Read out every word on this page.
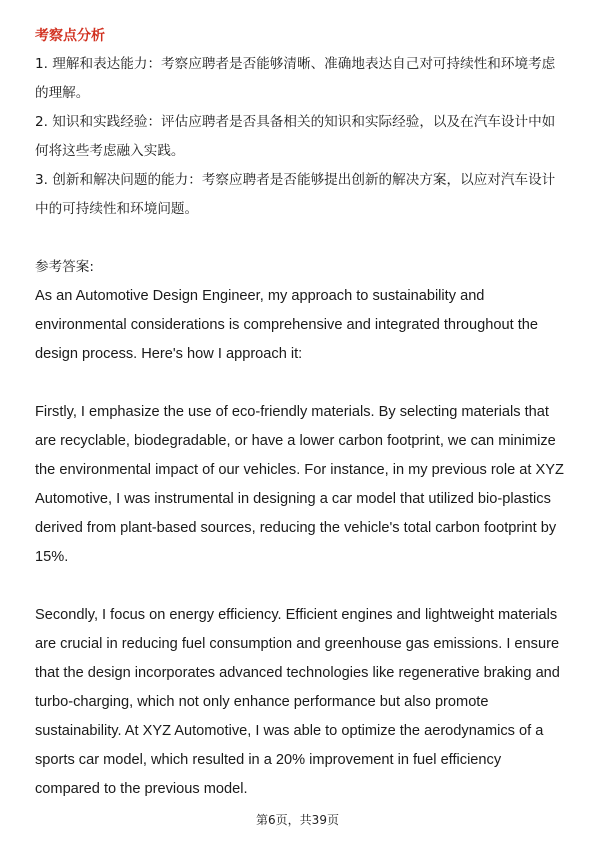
考察点分析

1. 理解和表达能力：考察应聘者是否能够清晰、准确地表达自己对可持续性和环境考虑的理解。

2. 知识和实践经验：评估应聘者是否具备相关的知识和实际经验，以及在汽车设计中如何将这些考虑融入实践。

3. 创新和解决问题的能力：考察应聘者是否能够提出创新的解决方案，以应对汽车设计中的可持续性和环境问题。

参考答案:

As an Automotive Design Engineer, my approach to sustainability and environmental considerations is comprehensive and integrated throughout the design process. Here's how I approach it:

Firstly, I emphasize the use of eco-friendly materials. By selecting materials that are recyclable, biodegradable, or have a lower carbon footprint, we can minimize the environmental impact of our vehicles. For instance, in my previous role at XYZ Automotive, I was instrumental in designing a car model that utilized bio-plastics derived from plant-based sources, reducing the vehicle's total carbon footprint by 15%.

Secondly, I focus on energy efficiency. Efficient engines and lightweight materials are crucial in reducing fuel consumption and greenhouse gas emissions. I ensure that the design incorporates advanced technologies like regenerative braking and turbo-charging, which not only enhance performance but also promote sustainability. At XYZ Automotive, I was able to optimize the aerodynamics of a sports car model, which resulted in a 20% improvement in fuel efficiency compared to the previous model.

第6页，共39页
